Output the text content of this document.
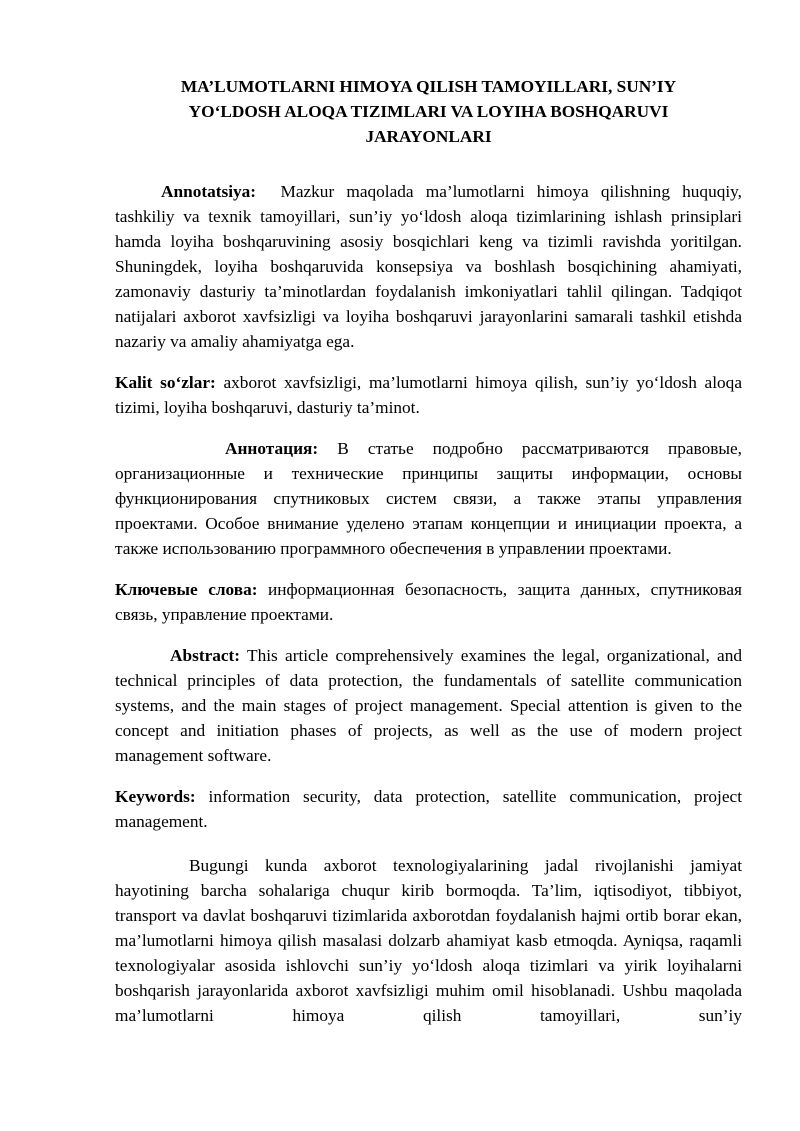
MA’LUMOTLARNI HIMOYA QILISH TAMOYILLARI, SUN’IY
YO‘LDOSH ALOQA TIZIMLARI VA LOYIHA BOSHQARUVI
JARAYONLARI

Annotatsiya: Mazkur maqolada ma’lumotlarni himoya qilishning huquqiy, tashkiliy va texnik tamoyillari, sun’iy yo‘ldosh aloqa tizimlarining ishlash prinsiplari hamda loyiha boshqaruvining asosiy bosqichlari keng va tizimli ravishda yoritilgan. Shuningdek, loyiha boshqaruvida konsepsiya va boshlash bosqichining ahamiyati, zamonaviy dasturiy ta’minotlardan foydalanish imkoniyatlari tahlil qilingan. Tadqiqot natijalari axborot xavfsizligi va loyiha boshqaruvi jarayonlarini samarali tashkil etishda nazariy va amaliy ahamiyatga ega.

Kalit so‘zlar: axborot xavfsizligi, ma’lumotlarni himoya qilish, sun’iy yo‘ldosh aloqa tizimi, loyiha boshqaruvi, dasturiy ta’minot.

Аннотация: В статье подробно рассматриваются правовые, организационные и технические принципы защиты информации, основы функционирования спутниковых систем связи, а также этапы управления проектами. Особое внимание уделено этапам концепции и инициации проекта, а также использованию программного обеспечения в управлении проектами.

Ключевые слова: информационная безопасность, защита данных, спутниковая связь, управление проектами.

Abstract: This article comprehensively examines the legal, organizational, and technical principles of data protection, the fundamentals of satellite communication systems, and the main stages of project management. Special attention is given to the concept and initiation phases of projects, as well as the use of modern project management software.

Keywords: information security, data protection, satellite communication, project management.

Bugungi kunda axborot texnologiyalarining jadal rivojlanishi jamiyat hayotining barcha sohalariga chuqur kirib bormoqda. Ta’lim, iqtisodiyot, tibbiyot, transport va davlat boshqaruvi tizimlarida axborotdan foydalanish hajmi ortib borar ekan, ma’lumotlarni himoya qilish masalasi dolzarb ahamiyat kasb etmoqda. Ayniqsa, raqamli texnologiyalar asosida ishlovchi sun’iy yo‘ldosh aloqa tizimlari va yirik loyihalarni boshqarish jarayonlarida axborot xavfsizligi muhim omil hisoblanadi. Ushbu maqolada ma’lumotlarni himoya qilish tamoyillari, sun’iy
